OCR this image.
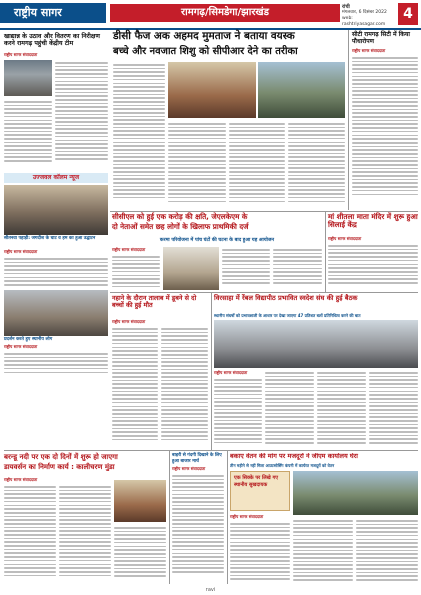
राष्ट्रीय सागर	रामगढ़/सिमडेगा/झारखंड	रांची
मंगलवार, 6 दिसंबर 2022
web: rashtriyasagar.com
4
खाद्यान्न के उठाव और वितरण का निरीक्षण करने रामगढ़ पहुंची केंद्रीय टीम
राष्ट्रीय सागर संवाददाता
उज्जवल कॉलम न्यूज
सौतनवा पहाड़ी: जगदीश के घाट व हम का हुआ उद्घाटन
राष्ट्रीय सागर संवाददाता
प्रदर्शन करते हुए स्थानीय लोग
राष्ट्रीय सागर संवाददाता
डीसी फैज अक अहमद मुमताज ने बताया वयस्क
बच्चे और नवजात शिशु को सीपीआर देने का तरीका
सीटी रामगढ़ सिटी में किया पौधारोपण
राष्ट्रीय सागर संवाददाता
सीसीएल को हुई एक करोड़ की क्षति, जेएलकेएम के
दो नेताओं समेत छह लोगों के खिलाफ प्राथमिकी दर्ज
करमा परियोजना में पांच घंटों की घटना के बाद हुआ यह आयोजन
राष्ट्रीय सागर संवाददाता
मां शीतला माता मंदिर में शुरू हुआ सिलाई केंद्र
राष्ट्रीय सागर संवाददाता
नहाने के दौरान तालाब में डूबने से दो बच्चों की हुई मौत
राष्ट्रीय सागर संवाददाता
विरसाहा में रेंबल विद्यापीठ प्रभावित स्वदेश संघ की हुई बैठक
स्थानीय संघर्षों को प्रभावशाली के आधार पर देखा जाएगा 47 प्रतिशत बलों प्रतिनिधित्व करने की बात
राष्ट्रीय सागर संवाददाता
बरन्डू नदी पर एक दो दिनों में शुरू हो जाएगा
डायवर्सन का निर्माण कार्य : कालीचरण मुंडा
राष्ट्रीय सागर संवाददाता
बाहरी से गंदगी दिखाने के लिए हुआ बाजार मार्च
राष्ट्रीय सागर संवाददाता
बकाए वेतन की मांग पर मजदूरों ने जीएम कार्यालय घेरा
तीन महीने से नहीं मिला आउटसोर्सिंग कंपनी में कार्यरत मजदूरों को वेतन
एक सिक्के पर लिखे गए स्थानीय सुखदायक
राष्ट्रीय सागर संवाददाता
ravi
